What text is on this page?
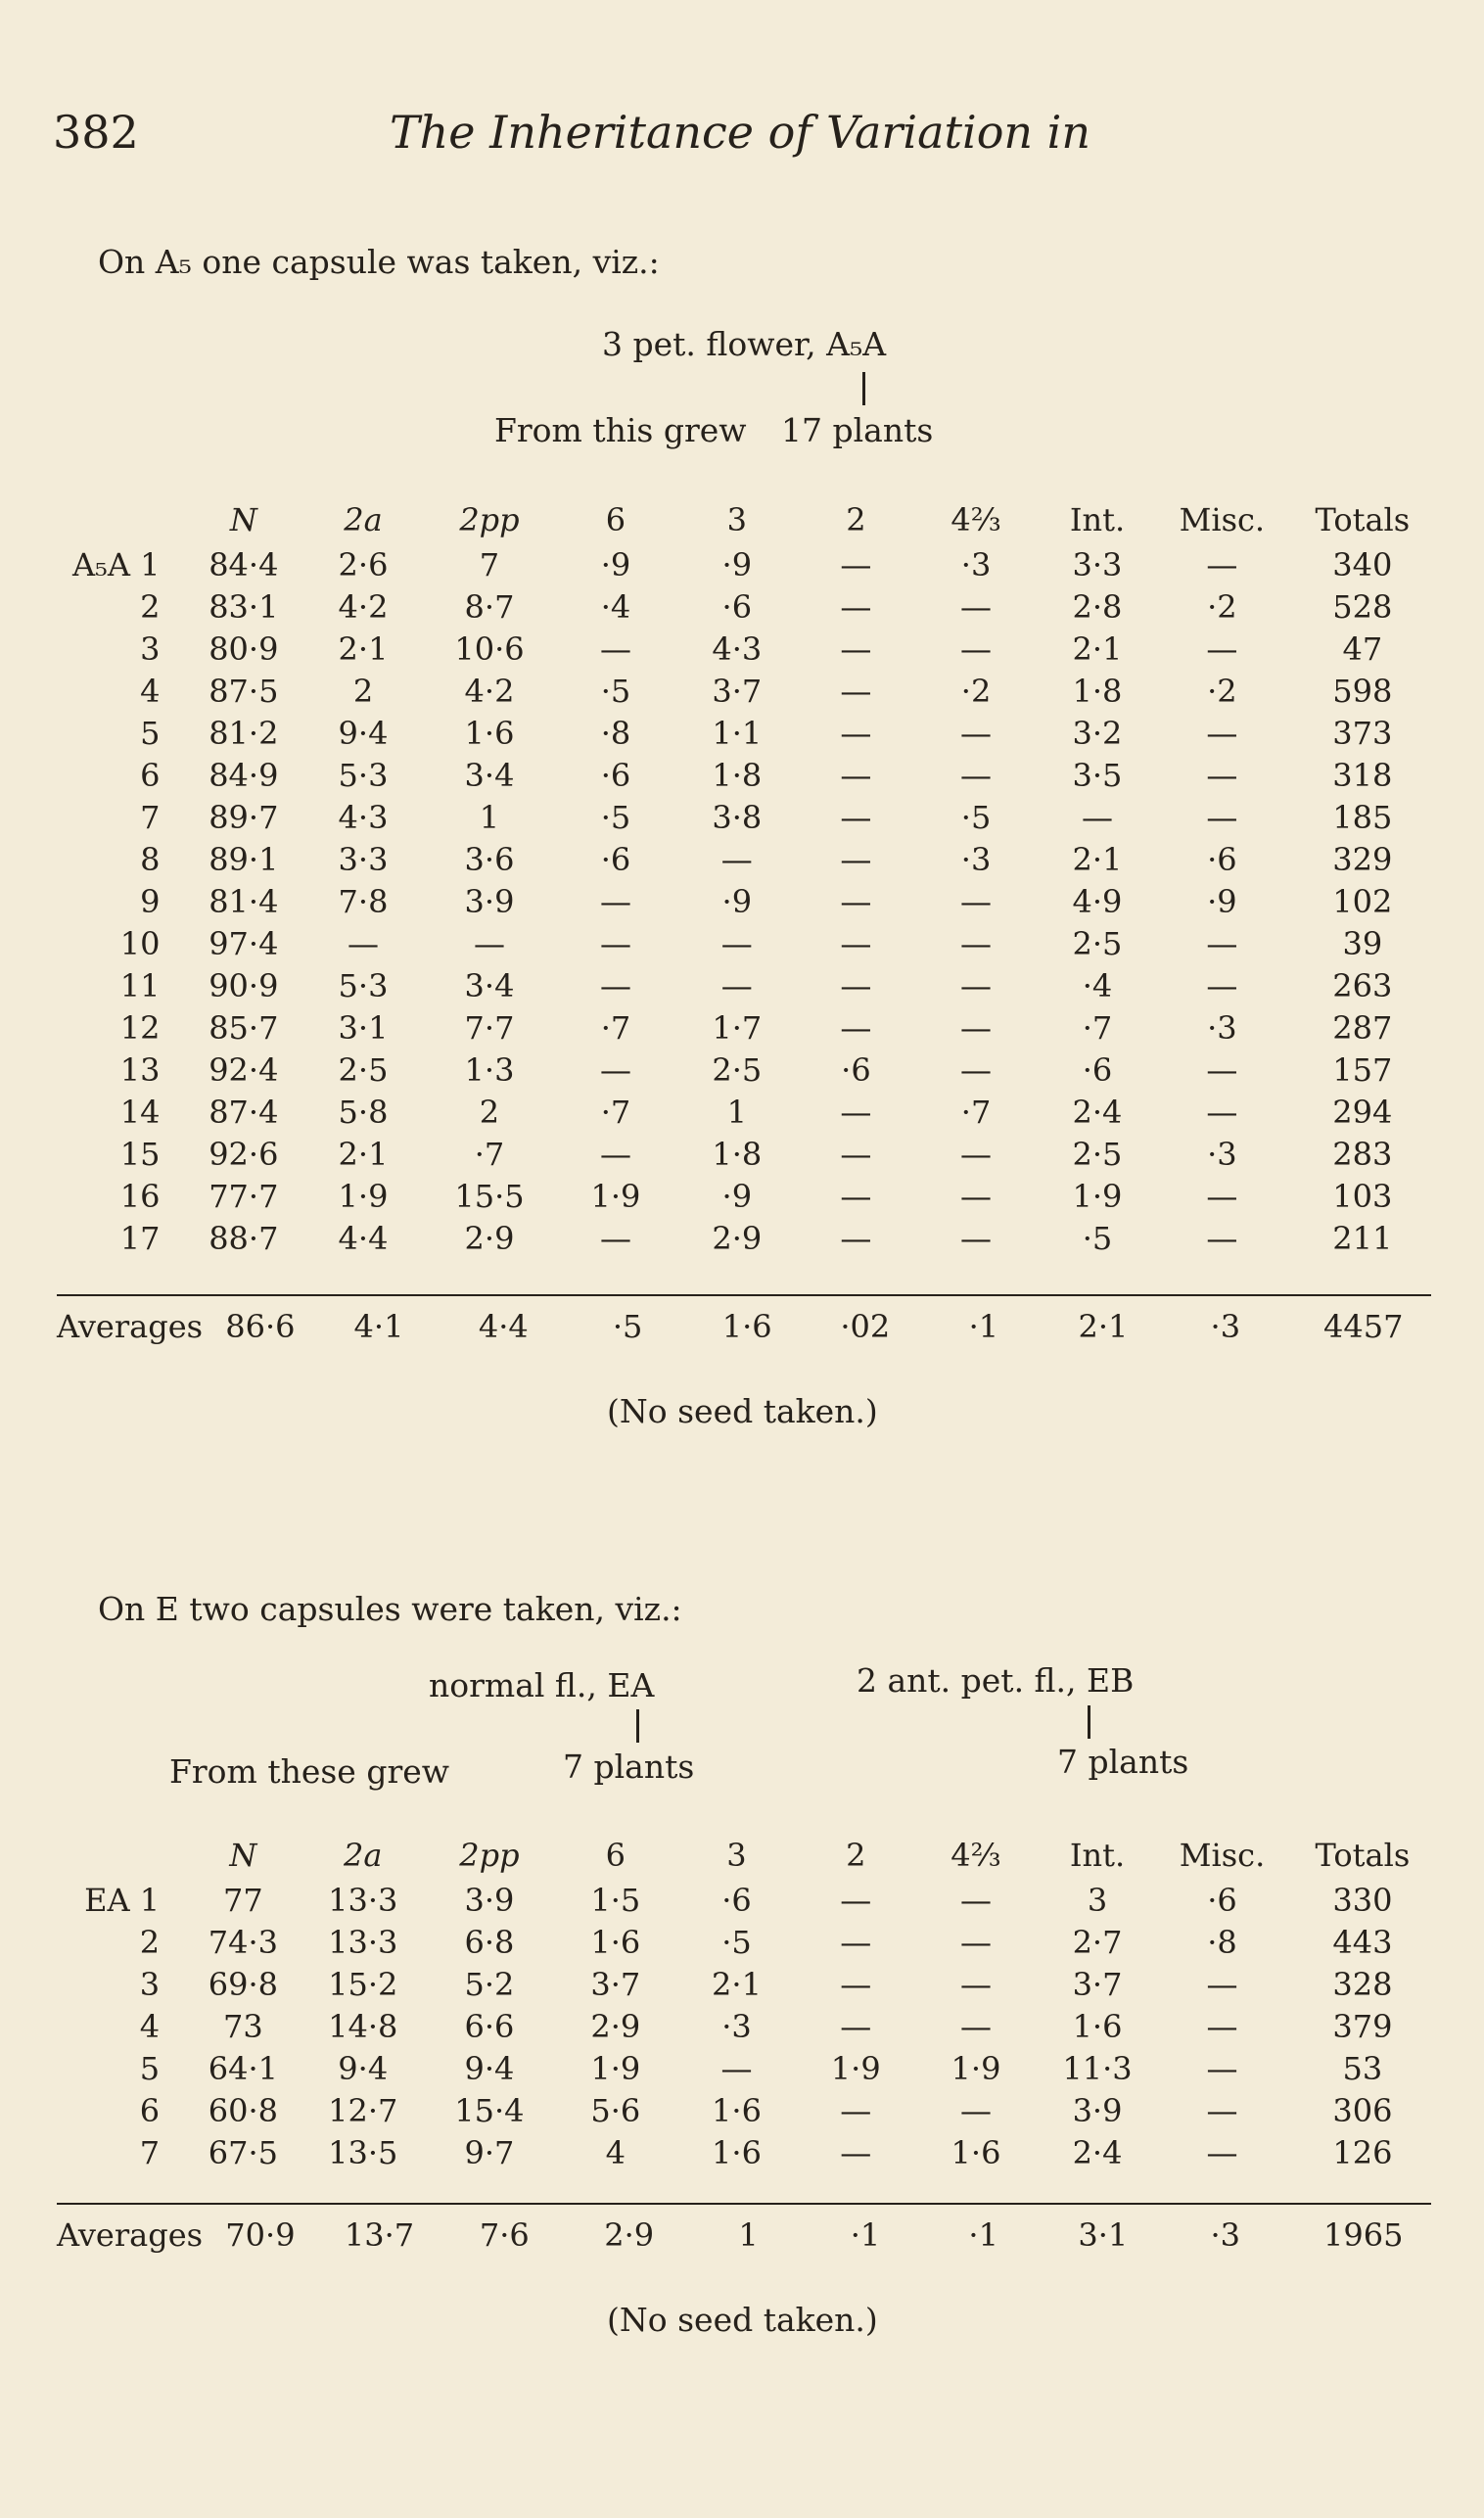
382	The Inheritance of Variation in
On A₅ one capsule was taken, viz.:
3 pet. flower, A₅A
From this grew 17 plants
	N	2a	2pp	6	3	2	4⅔	Int.	Misc.	Totals
A₅A 1	84·4	2·6	7	·9	·9	—	·3	3·3	—	340
2	83·1	4·2	8·7	·4	·6	—	—	2·8	·2	528
3	80·9	2·1	10·6	—	4·3	—	—	2·1	—	47
4	87·5	2	4·2	·5	3·7	—	·2	1·8	·2	598
5	81·2	9·4	1·6	·8	1·1	—	—	3·2	—	373
6	84·9	5·3	3·4	·6	1·8	—	—	3·5	—	318
7	89·7	4·3	1	·5	3·8	—	·5	—	—	185
8	89·1	3·3	3·6	·6	—	—	·3	2·1	·6	329
9	81·4	7·8	3·9	—	·9	—	—	4·9	·9	102
10	97·4	—	—	—	—	—	—	2·5	—	39
11	90·9	5·3	3·4	—	—	—	—	·4	—	263
12	85·7	3·1	7·7	·7	1·7	—	—	·7	·3	287
13	92·4	2·5	1·3	—	2·5	·6	—	·6	—	157
14	87·4	5·8	2	·7	1	—	·7	2·4	—	294
15	92·6	2·1	·7	—	1·8	—	—	2·5	·3	283
16	77·7	1·9	15·5	1·9	·9	—	—	1·9	—	103
17	88·7	4·4	2·9	—	2·9	—	—	·5	—	211
Averages	86·6	4·1	4·4	·5	1·6	·02	·1	2·1	·3	4457
(No seed taken.)
On E two capsules were taken, viz.:
normal fl., EA	2 ant. pet. fl., EB
From these grew	7 plants	7 plants
	N	2a	2pp	6	3	2	4⅔	Int.	Misc.	Totals
EA 1	77	13·3	3·9	1·5	·6	—	—	3	·6	330
2	74·3	13·3	6·8	1·6	·5	—	—	2·7	·8	443
3	69·8	15·2	5·2	3·7	2·1	—	—	3·7	—	328
4	73	14·8	6·6	2·9	·3	—	—	1·6	—	379
5	64·1	9·4	9·4	1·9	—	1·9	1·9	11·3	—	53
6	60·8	12·7	15·4	5·6	1·6	—	—	3·9	—	306
7	67·5	13·5	9·7	4	1·6	—	1·6	2·4	—	126
Averages	70·9	13·7	7·6	2·9	1	·1	·1	3·1	·3	1965
(No seed taken.)
